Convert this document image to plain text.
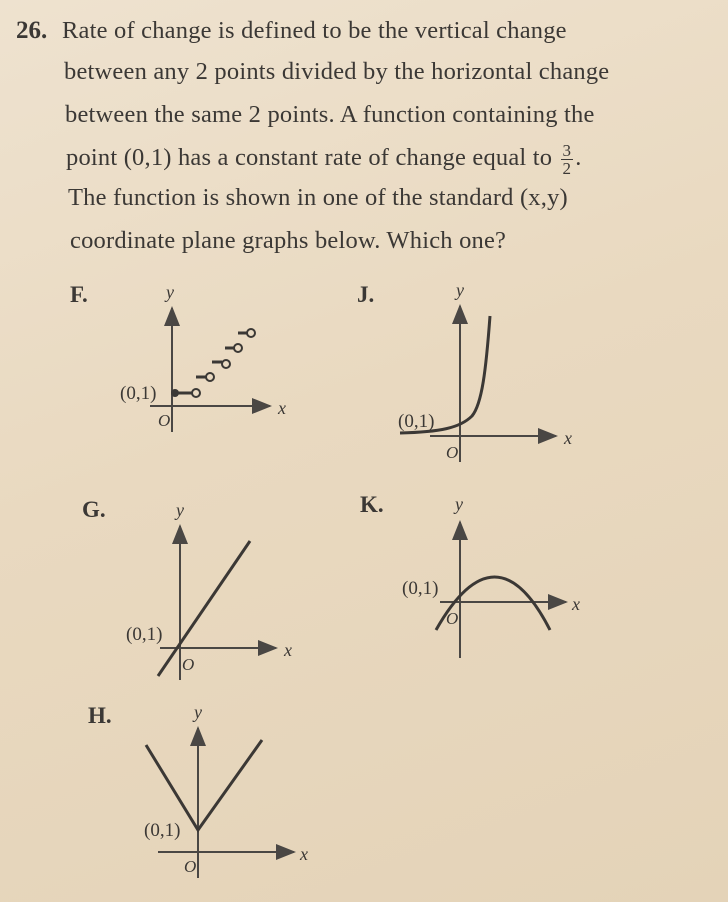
26. Rate of change is defined to be the vertical change
between any 2 points divided by the horizontal change
between the same 2 points. A function containing the
point (0,1) has a constant rate of change equal to $\frac{3}{2}$ .
The function is shown in one of the standard (x,y)
coordinate plane graphs below. Which one?
F.	y
x
O
(0,1)
J.	y
x
O
(0,1)
G.	y
x
O
(0,1)
K.	y
x
O
(0,1)
H.	y
x
O
(0,1)
